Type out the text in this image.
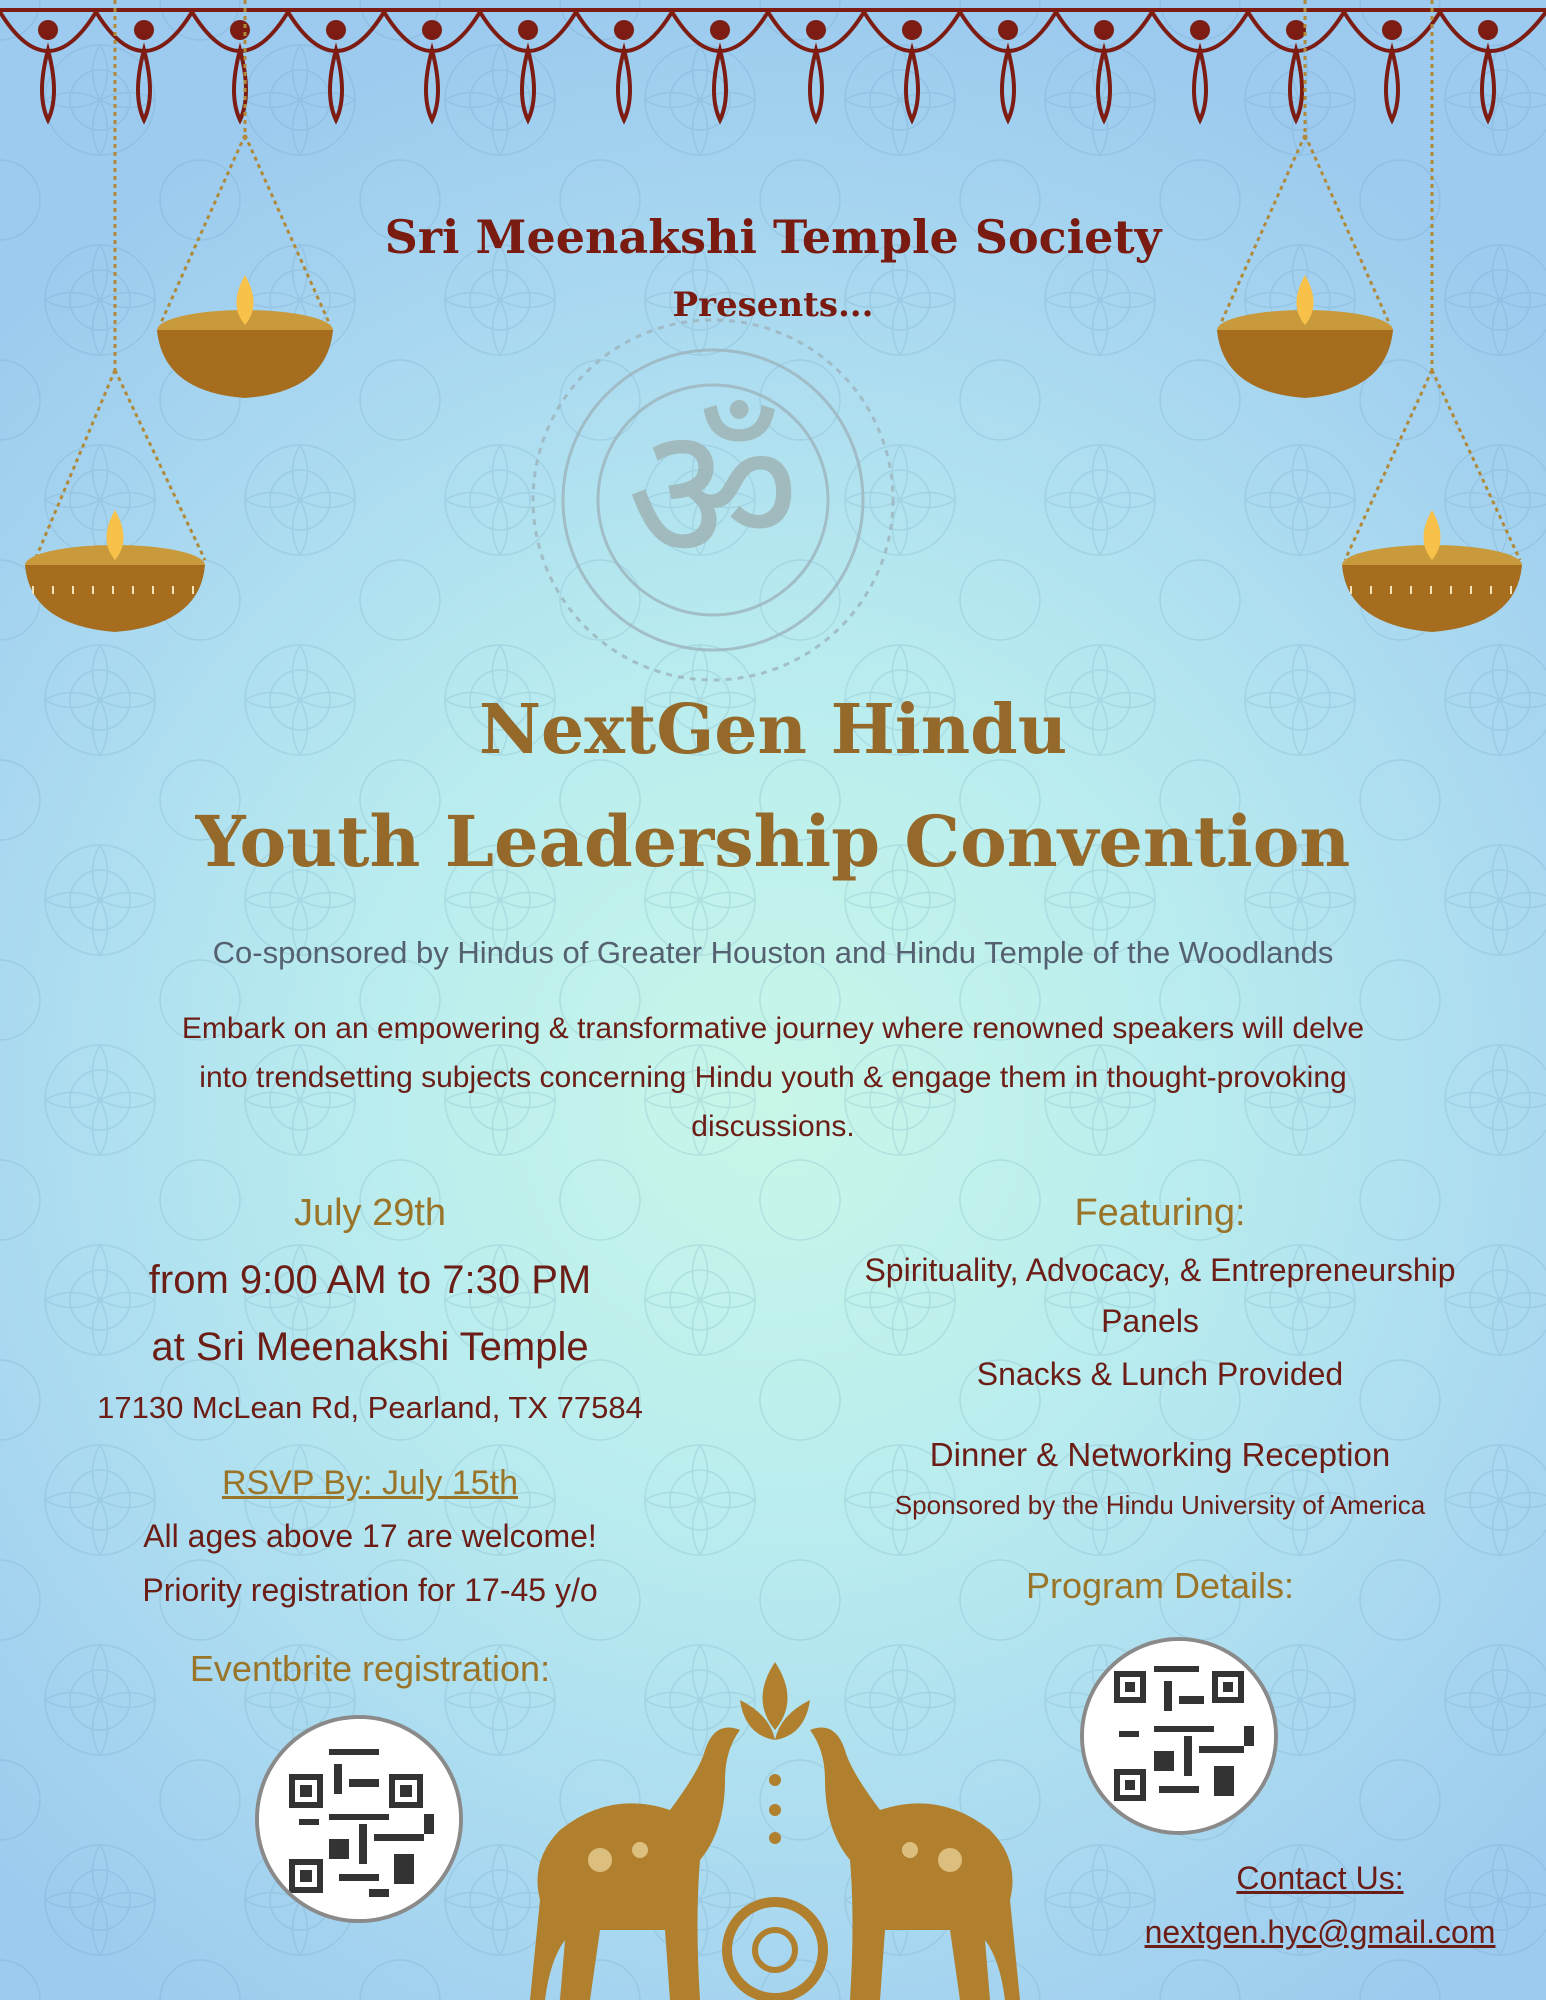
ॐ
Sri Meenakshi Temple Society
Presents...
NextGen Hindu
Youth Leadership Convention
Co-sponsored by Hindus of Greater Houston and Hindu Temple of the Woodlands
Embark on an empowering & transformative journey where renowned speakers will delve
into trendsetting subjects concerning Hindu youth & engage them in thought-provoking
discussions.
July 29th
from 9:00 AM to 7:30 PM
at Sri Meenakshi Temple
17130 McLean Rd, Pearland, TX 77584
RSVP By: July 15th
All ages above 17 are welcome!
Priority registration for 17-45 y/o
Eventbrite registration:
Featuring:
Spirituality, Advocacy, & Entrepreneurship
Panels
Snacks & Lunch Provided
Dinner & Networking Reception
Sponsored by the Hindu University of America
Program Details:
Contact Us:
nextgen.hyc@gmail.com
